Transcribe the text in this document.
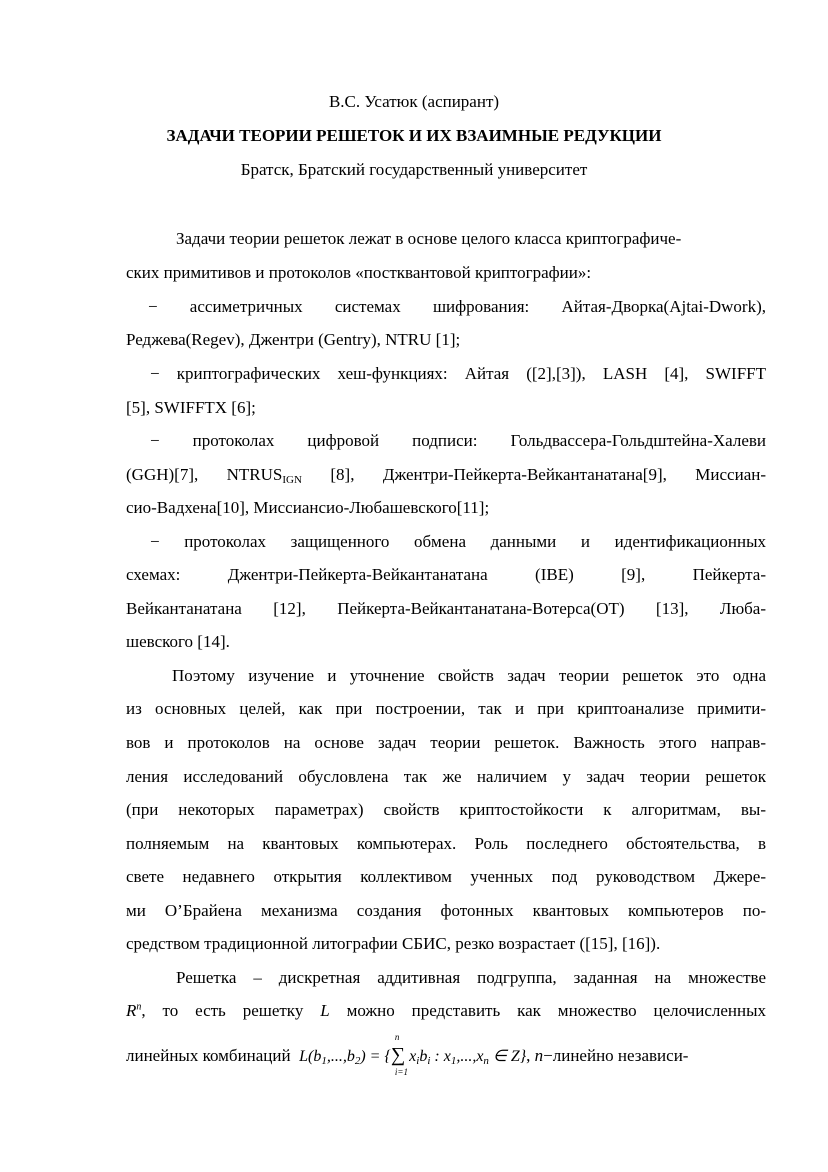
В.С. Усатюк (аспирант)
ЗАДАЧИ ТЕОРИИ РЕШЕТОК И ИХ ВЗАИМНЫЕ РЕДУКЦИИ
Братск, Братский государственный университет
Задачи теории решеток лежат в основе целого класса криптографиче-
ских примитивов и протоколов «постквантовой криптографии»:
− ассиметричных системах шифрования: Айтая-Дворка(Ajtai-Dwork),
Реджева(Regev), Джентри (Gentry), NTRU [1];
− криптографических хеш-функциях: Айтая ([2],[3]), LASH [4], SWIFFT
[5], SWIFFTX [6];
− протоколах цифровой подписи: Гольдвассера-Гольдштейна-Халеви
(GGH)[7], $NTRUS_{IGN}$ [8], Джентри-Пейкерта-Вейкантанатана[9], Миссиан-
сио-Вадхена[10], Миссиансио-Любашевского[11];
− протоколах защищенного обмена данными и идентификационных
схемах: Джентри-Пейкерта-Вейкантанатана (IBE) [9], Пейкерта-
Вейкантанатана [12], Пейкерта-Вейкантанатана-Вотерса(OT) [13], Люба-
шевского [14].
Поэтому изучение и уточнение свойств задач теории решеток это одна
из основных целей, как при построении, так и при криптоанализе примити-
вов и протоколов на основе задач теории решеток. Важность этого направ-
ления исследований обусловлена так же наличием у задач теории решеток
(при некоторых параметрах) свойств криптостойкости к алгоритмам, вы-
полняемым на квантовых компьютерах. Роль последнего обстоятельства, в
свете недавнего открытия коллективом ученных под руководством Джере-
ми О’Брайена механизма создания фотонных квантовых компьютеров по-
средством традиционной литографии СБИС, резко возрастает ([15], [16]).
Решетка – дискретная аддитивная подгруппа, заданная на множестве
$R^n$, то есть решетку L можно представить как множество целочисленных
линейных комбинаций $L(b_1,...,b_2)$ = {∑
n
i=1
$x_ib_i$ : $x_1,...,x_n$ ∈ Z}, n−линейно независи-
